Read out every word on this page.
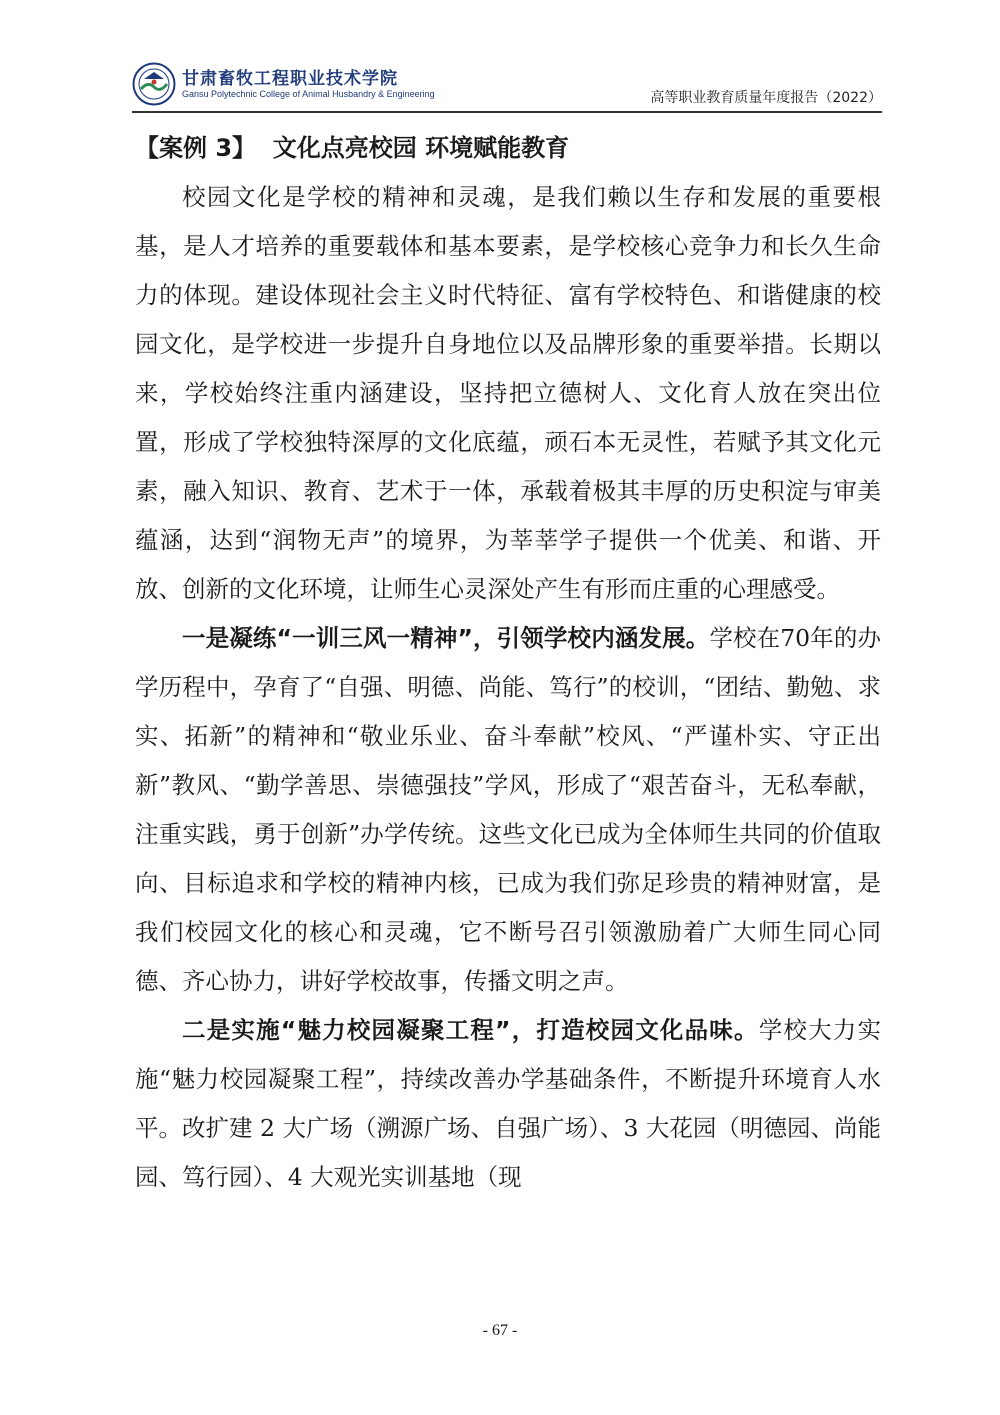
甘肃畜牧工程职业技术学院
Gansu Polytechnic College of Animal Husbandry & Engineering	高等职业教育质量年度报告（2022）
【案例 3】  文化点亮校园 环境赋能教育

校园文化是学校的精神和灵魂，是我们赖以生存和发展的重要根基，是人才培养的重要载体和基本要素，是学校核心竞争力和长久生命力的体现。建设体现社会主义时代特征、富有学校特色、和谐健康的校园文化，是学校进一步提升自身地位以及品牌形象的重要举措。长期以来，学校始终注重内涵建设，坚持把立德树人、文化育人放在突出位置，形成了学校独特深厚的文化底蕴，顽石本无灵性，若赋予其文化元素，融入知识、教育、艺术于一体，承载着极其丰厚的历史积淀与审美蕴涵，达到“润物无声”的境界，为莘莘学子提供一个优美、和谐、开放、创新的文化环境，让师生心灵深处产生有形而庄重的心理感受。

一是凝练“一训三风一精神”，引领学校内涵发展。学校在70年的办学历程中，孕育了“自强、明德、尚能、笃行”的校训，“团结、勤勉、求实、拓新”的精神和“敬业乐业、奋斗奉献”校风、“严谨朴实、守正出新”教风、“勤学善思、崇德强技”学风，形成了“艰苦奋斗，无私奉献，注重实践，勇于创新”办学传统。这些文化已成为全体师生共同的价值取向、目标追求和学校的精神内核，已成为我们弥足珍贵的精神财富，是我们校园文化的核心和灵魂，它不断号召引领激励着广大师生同心同德、齐心协力，讲好学校故事，传播文明之声。

二是实施“魅力校园凝聚工程”，打造校园文化品味。学校大力实施“魅力校园凝聚工程”，持续改善办学基础条件，不断提升环境育人水平。改扩建 2 大广场（溯源广场、自强广场）、3 大花园（明德园、尚能园、笃行园）、4 大观光实训基地（现

- 67 -
